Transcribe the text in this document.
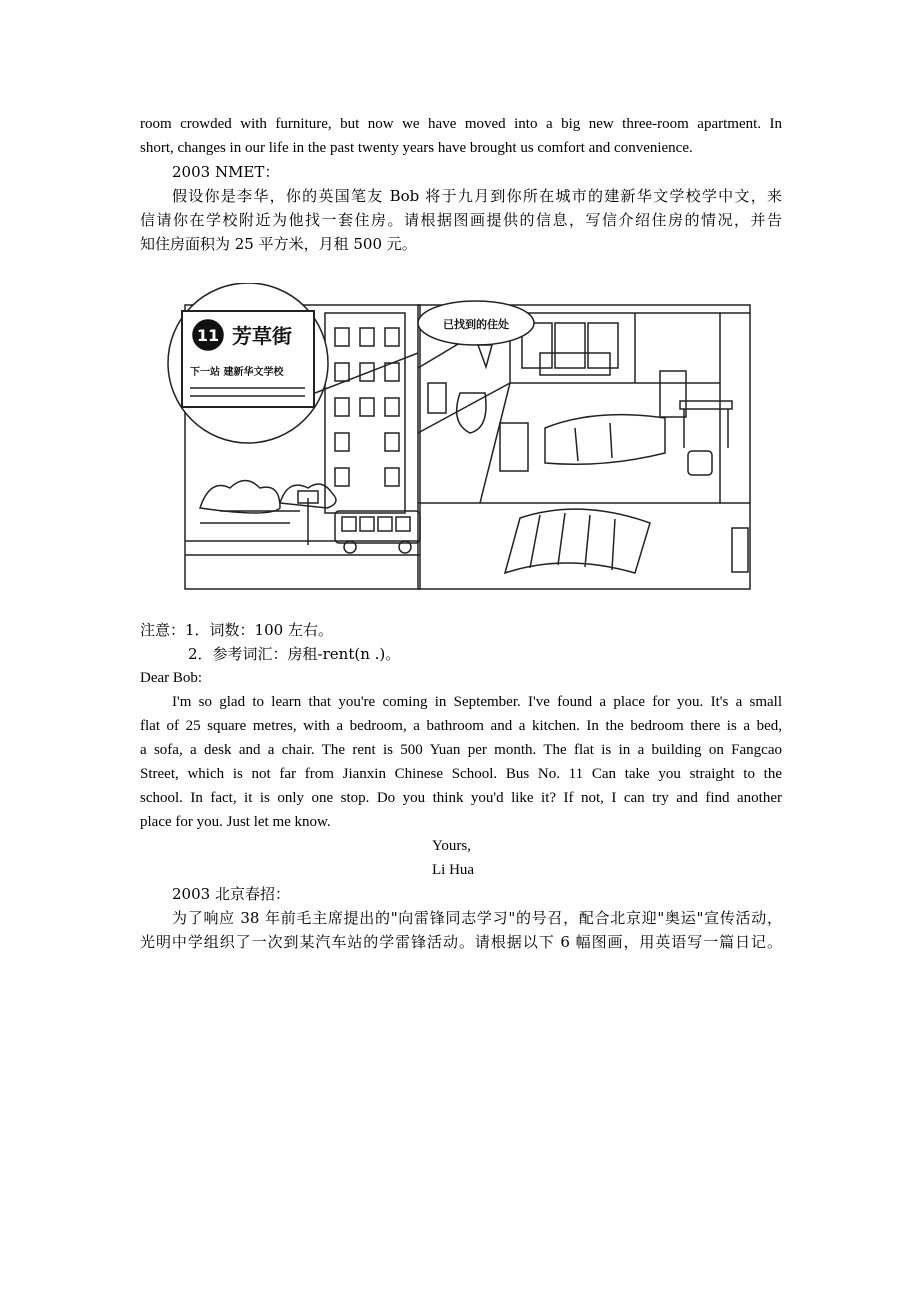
room crowded with furniture, but now we have moved into a big new three-room apartment. In
short, changes in our life in the past twenty years have brought us comfort and convenience.
2003 NMET：
假设你是李华，你的英国笔友 Bob 将于九月到你所在城市的建新华文学校学中文，来
信请你在学校附近为他找一套住房。请根据图画提供的信息，写信介绍住房的情况，并告
知住房面积为 25 平方米，月租 500 元。
11 芳草街
下一站 建新华文学校
已找到的住处
注意：1．词数：100 左右。
2．参考词汇：房租-rent(n .)。
Dear Bob:
I'm so glad to learn that you're coming in September. I've found a place for you. It's a small
flat of 25 square metres, with a bedroom, a bathroom and a kitchen. In the bedroom there is a bed,
a sofa, a desk and a chair. The rent is 500 Yuan per month. The flat is in a building on Fangcao
Street, which is not far from Jianxin Chinese School. Bus No. 11 Can take you straight to the
school. In fact, it is only one stop. Do you think you'd like it? If not, I can try and find another
place for you. Just let me know.
Yours,
Li Hua
2003 北京春招：
为了响应 38 年前毛主席提出的"向雷锋同志学习"的号召，配合北京迎"奥运"宣传活动，
光明中学组织了一次到某汽车站的学雷锋活动。请根据以下 6 幅图画，用英语写一篇日记。
